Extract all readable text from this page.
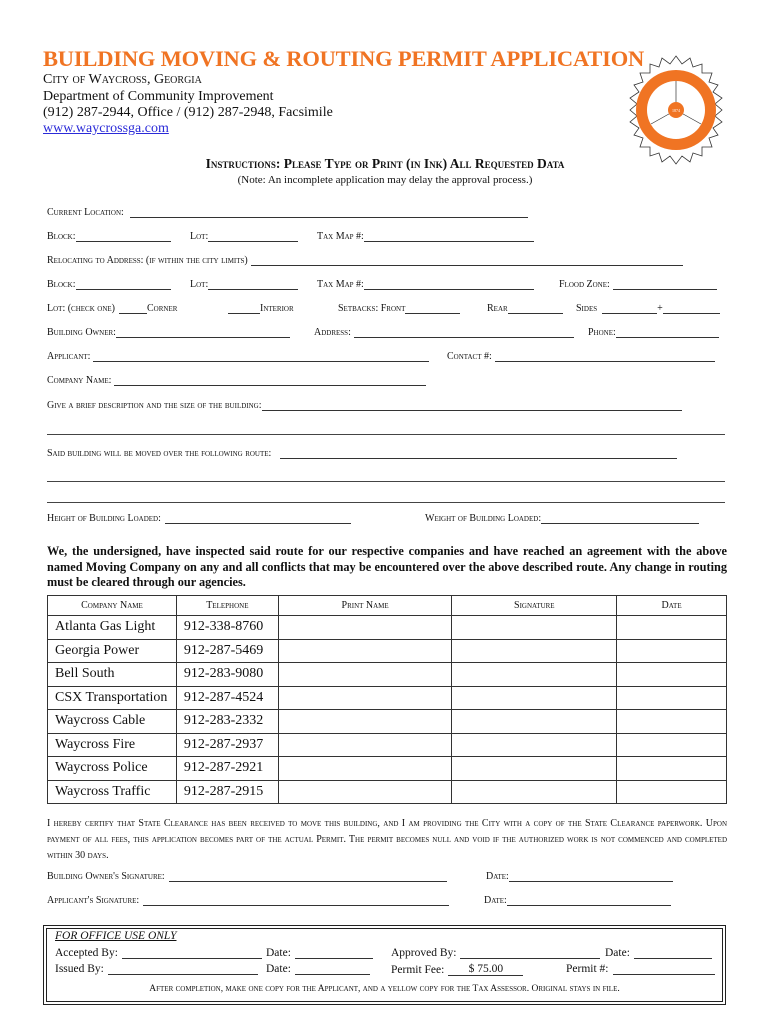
BUILDING MOVING & ROUTING PERMIT APPLICATION
City of Waycross, Georgia
Department of Community Improvement
(912) 287-2944, Office / (912) 287-2948, Facsimile
www.waycrossga.com
1874
Instructions: Please Type or Print (in Ink) All Requested Data
(Note: An incomplete application may delay the approval process.)
Current Location:
Block:	Lot:	Tax Map #:
Relocating to Address: (if within the city limits)
Block:	Lot:	Tax Map #:	Flood Zone:
Lot: (check one)	Corner	Interior	Setbacks: Front	Rear	Sides	+
Building Owner:	Address:	Phone:
Applicant:	Contact #:
Company Name:
Give a brief description and the size of the building:
Said building will be moved over the following route:
Height of Building Loaded:	Weight of Building Loaded:
We, the undersigned, have inspected said route for our respective companies and have reached an agreement with the above named Moving Company on any and all conflicts that may be encountered over the above described route. Any change in routing must be cleared through our agencies.
Company Name	Telephone	Print Name	Signature	Date
Atlanta Gas Light	912-338-8760			
Georgia Power	912-287-5469			
Bell South	912-283-9080			
CSX Transportation	912-287-4524			
Waycross Cable	912-283-2332			
Waycross Fire	912-287-2937			
Waycross Police	912-287-2921			
Waycross Traffic	912-287-2915			
I hereby certify that State Clearance has been received to move this building, and I am providing the City with a copy of the State Clearance paperwork. Upon payment of all fees, this application becomes part of the actual Permit. The permit becomes null and void if the authorized work is not commenced and completed within 30 days.
Building Owner's Signature:	Date:
Applicant's Signature:	Date:
FOR OFFICE USE ONLY
Accepted By:	Date:	Approved By:	Date:
Issued By:	Date:	Permit Fee:	$ 75.00	Permit #:
After completion, make one copy for the Applicant, and a yellow copy for the Tax Assessor. Original stays in file.
